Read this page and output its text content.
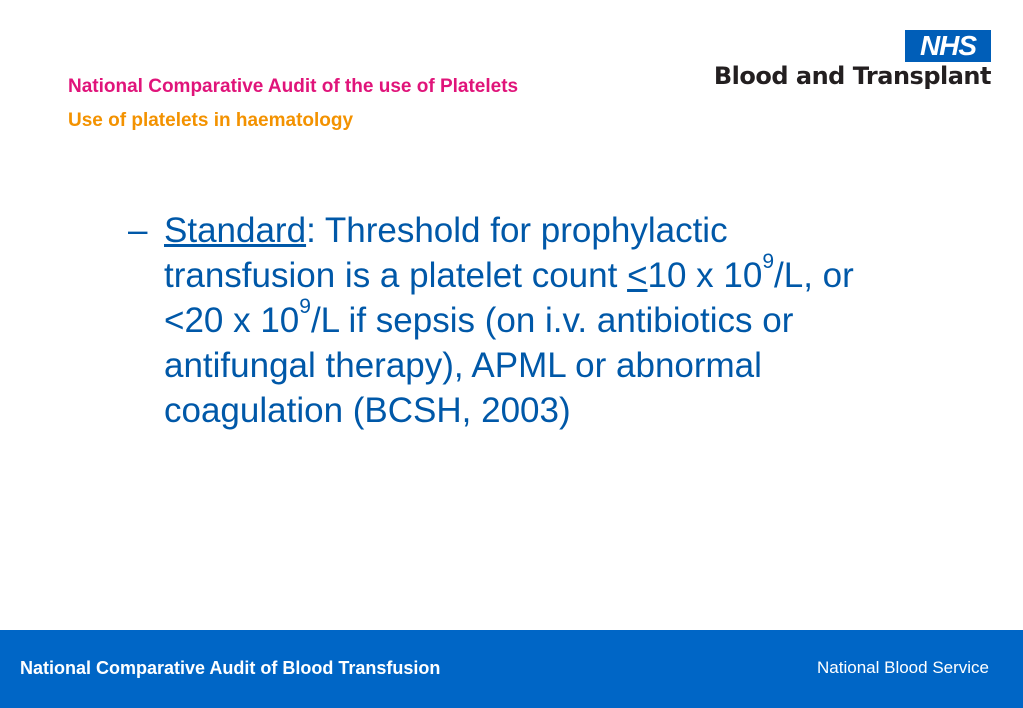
National Comparative Audit of the use of Platelets
Use of platelets in haematology
NHS
Blood and Transplant
– Standard: Threshold for prophylactic transfusion is a platelet count ≤10 x $10^9/L$, or <20 x $10^9/L$ if sepsis (on i.v. antibiotics or antifungal therapy), APML or abnormal coagulation (BCSH, 2003)
National Comparative Audit of Blood Transfusion	National Blood Service
